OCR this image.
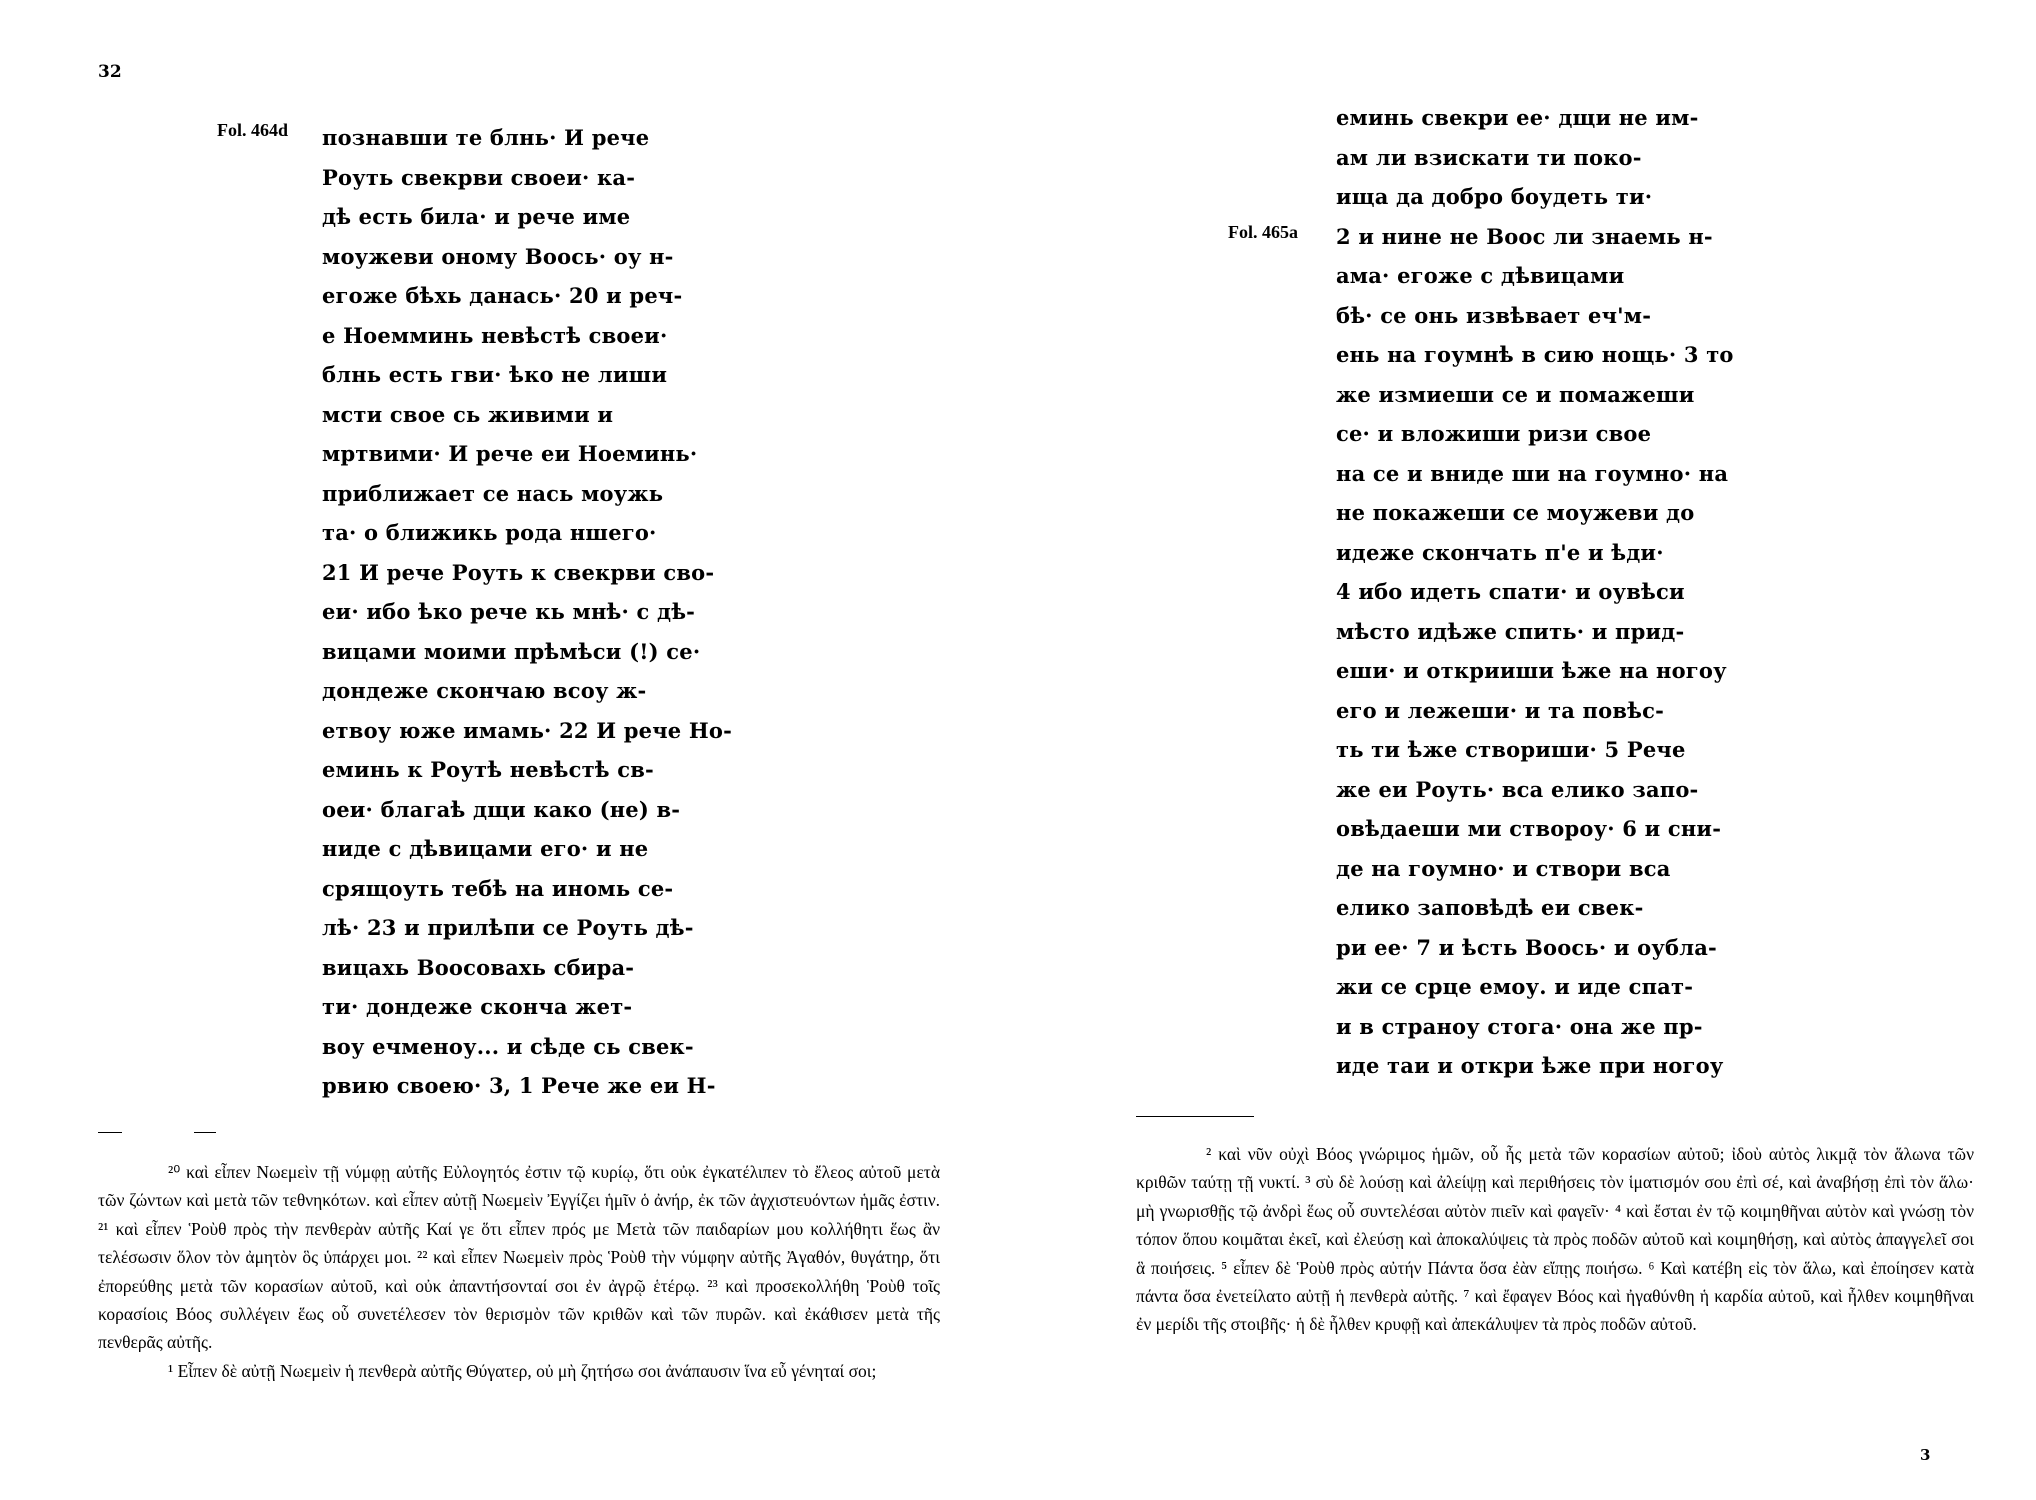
32
Fol. 464d познавши те блнь· И рече
Роуть свекрви своеи· ка-
дѣ есть била· и рече име
моужеви оному Воось· оу н-
егоже бѣхь данась· 20 и реч-
е Ноемминь невѣстѣ своеи·
блнь есть гви· ѣко не лиши
мсти свое сь живими и
мртвими· И рече еи Ноеминь·
приближает се нась моужь
та· о ближикь рода ншего·
21 И рече Роуть к свекрви сво-
еи· ибо ѣко рече кь мнѣ· с дѣ-
вицами моими прѣмѣси (!) се·
дондеже скончаю всоу ж-
етвоу юже имамь· 22 И рече Но-
еминь к Роутѣ невѣстѣ св-
оеи· благаѣ дщи како (не) в-
ниде с дѣвицами его· и не
срящоуть тебѣ на иномь се-
лѣ· 23 и прилѣпи се Роуть дѣ-
вицахь Воосовахь сбира-
ти· дондеже скончa жет-
воу ечменоу... и сѣде сь свек-
рвию своею· 3, 1 Рече же еи Н-

²⁰ καὶ εἶπεν Νωεμεὶν τῇ νύμφῃ αὐτῆς Εὐλογητός ἐστιν τῷ κυρίῳ, ὅτι οὐκ ἐγκατέλιπεν τὸ ἔλεος αὐτοῦ μετὰ τῶν ζώντων καὶ μετὰ τῶν τεθνηκότων. καὶ εἶπεν αὐτῇ Νωεμεὶν Ἐγγίζει ἡμῖν ὁ ἀνήρ, ἐκ τῶν ἀγχιστευόντων ἡμᾶς ἐστιν. ²¹ καὶ εἶπεν Ῥοὺθ πρὸς τὴν πενθερὰν αὐτῆς Καί γε ὅτι εἶπεν πρός με Μετὰ τῶν παιδαρίων μου κολλήθητι ἕως ἂν τελέσωσιν ὅλον τὸν ἀμητὸν ὃς ὑπάρχει μοι. ²² καὶ εἶπεν Νωεμεὶν πρὸς Ῥοὺθ τὴν νύμφην αὐτῆς Ἀγαθόν, θυγάτηρ, ὅτι ἐπορεύθης μετὰ τῶν κορασίων αὐτοῦ, καὶ οὐκ ἀπαντήσονταί σοι ἐν ἀγρῷ ἑτέρῳ. ²³ καὶ προσεκολλήθη Ῥοὺθ τοῖς κορασίοις Βόος συλλέγειν ἕως οὗ συνετέλεσεν τὸν θερισμὸν τῶν κριθῶν καὶ τῶν πυρῶν. καὶ ἐκάθισεν μετὰ τῆς πενθερᾶς αὐτῆς.

¹ Εἶπεν δὲ αὐτῇ Νωεμεὶν ἡ πενθερὰ αὐτῆς Θύγατερ, οὐ μὴ ζητήσω σοι ἀνάπαυσιν ἵνα εὖ γένηταί σοι;

Fol. 465a
еминь свекри ее· дщи не им-
ам ли взискати ти поко-
ища да добро боудеть ти·
2 и нине не Воос ли знаемь н-
ама· егоже с дѣвицами
бѣ· се онь извѣвает еч'м-
ень на гоумнѣ в сию нощь· 3 то
же измиеши се и помажеши
се· и вложиши ризи свое
на се и вниде ши на гоумно· на
не покажеши се моужеви до
идеже скончать п'е и ѣди·
4 ибо идеть спати· и оувѣси
мѣсто идѣже спить· и прид-
еши· и открииши ѣже на ногоу
его и лежеши· и та повѣс-
ть ти ѣже створиши· 5 Рече
же еи Роуть· вса елико запо-
овѣдаеши ми створоу· 6 и сни-
де на гоумно· и створи вса
елико заповѣдѣ еи свек-
ри ее· 7 и ѣсть Воось· и оубла-
жи се срце емоу. и иде спат-
и в страноу стога· она же пр-
иде таи и откри ѣже при ногоу

² καὶ νῦν οὐχὶ Βόος γνώριμος ἡμῶν, οὗ ἦς μετὰ τῶν κορασίων αὐτοῦ; ἰδοὺ αὐτὸς λικμᾷ τὸν ἅλωνα τῶν κριθῶν ταύτῃ τῇ νυκτί. ³ σὺ δὲ λούσῃ καὶ ἀλείψῃ καὶ περιθήσεις τὸν ἱματισμόν σου ἐπὶ σέ, καὶ ἀναβήσῃ ἐπὶ τὸν ἅλω· μὴ γνωρισθῇς τῷ ἀνδρὶ ἕως οὗ συντελέσαι αὐτὸν πιεῖν καὶ φαγεῖν· ⁴ καὶ ἔσται ἐν τῷ κοιμηθῆναι αὐτὸν καὶ γνώσῃ τὸν τόπον ὅπου κοιμᾶται ἐκεῖ, καὶ ἐλεύσῃ καὶ ἀποκαλύψεις τὰ πρὸς ποδῶν αὐτοῦ καὶ κοιμηθήσῃ, καὶ αὐτὸς ἀπαγγελεῖ σοι ἃ ποιήσεις. ⁵ εἶπεν δὲ Ῥοὺθ πρὸς αὐτήν Πάντα ὅσα ἐὰν εἴπῃς ποιήσω. ⁶ Καὶ κατέβη εἰς τὸν ἅλω, καὶ ἐποίησεν κατὰ πάντα ὅσα ἐνετείλατο αὐτῇ ἡ πενθερὰ αὐτῆς. ⁷ καὶ ἔφαγεν Βόος καὶ ἠγαθύνθη ἡ καρδία αὐτοῦ, καὶ ἦλθεν κοιμηθῆναι ἐν μερίδι τῆς στοιβῆς· ἡ δὲ ἦλθεν κρυφῇ καὶ ἀπεκάλυψεν τὰ πρὸς ποδῶν αὐτοῦ.

3
